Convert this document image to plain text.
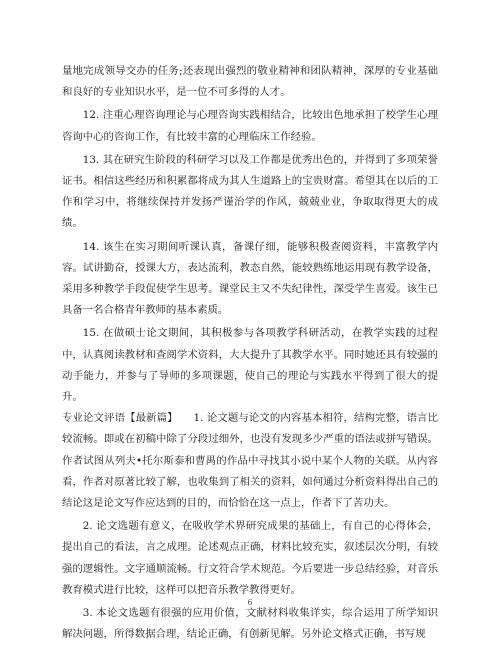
量地完成领导交办的任务;还表现出强烈的敬业精神和团队精神，深厚的专业基础和良好的专业知识水平，是一位不可多得的人才。

12. 注重心理咨询理论与心理咨询实践相结合，比较出色地承担了校学生心理咨询中心的咨询工作，有比较丰富的心理临床工作经验。

13. 其在研究生阶段的科研学习以及工作都是优秀出色的，并得到了多项荣誉证书。相信这些经历和积累都将成为其人生道路上的宝贵财富。希望其在以后的工作和学习中，将继续保持并发扬严谨治学的作风，兢兢业业，争取取得更大的成绩。

14. 该生在实习期间听课认真，备课仔细，能够积极查阅资料，丰富教学内容。试讲勤奋，授课大方，表达流利，教态自然，能较熟练地运用现有教学设备，采用多种教学手段促使学生思考。课堂民主又不失纪律性，深受学生喜爱。该生已具备一名合格青年教师的基本素质。

15. 在做硕士论文期间，其积极参与各项教学科研活动，在教学实践的过程中，认真阅读教材和查阅学术资料，大大提升了其教学水平。同时她还具有较强的动手能力，并参与了导师的多项课题，使自己的理论与实践水平得到了很大的提升。

专业论文评语【最新篇】　　1. 论文题与论文的内容基本相符，结构完整，语言比较流畅。即或在初稿中除了分段过细外，也没有发现多少严重的语法或拼写错误。作者试图从列夫•托尔斯泰和曹禺的作品中寻找其小说中某个人物的关联。从内容看，作者对原著比较了解，也收集到了相关的资料，如何通过分析资料得出自己的结论这是论文写作应达到的目的，而恰恰在这一点上，作者下了苦功夫。

2. 论文选题有意义，在吸收学术界研究成果的基础上，有自己的心得体会，提出自己的看法，言之成理。论述观点正确，材料比较充实，叙述层次分明，有较强的逻辑性。文字通顺流畅。行文符合学术规范。今后要进一步总结经验，对音乐教育模式进行比较，这样可以把音乐教学教得更好。

3. 本论文选题有很强的应用价值，文献材料收集详实，综合运用了所学知识解决问题，所得数据合理，结论正确，有创新见解。另外论文格式正确，书写规

6
